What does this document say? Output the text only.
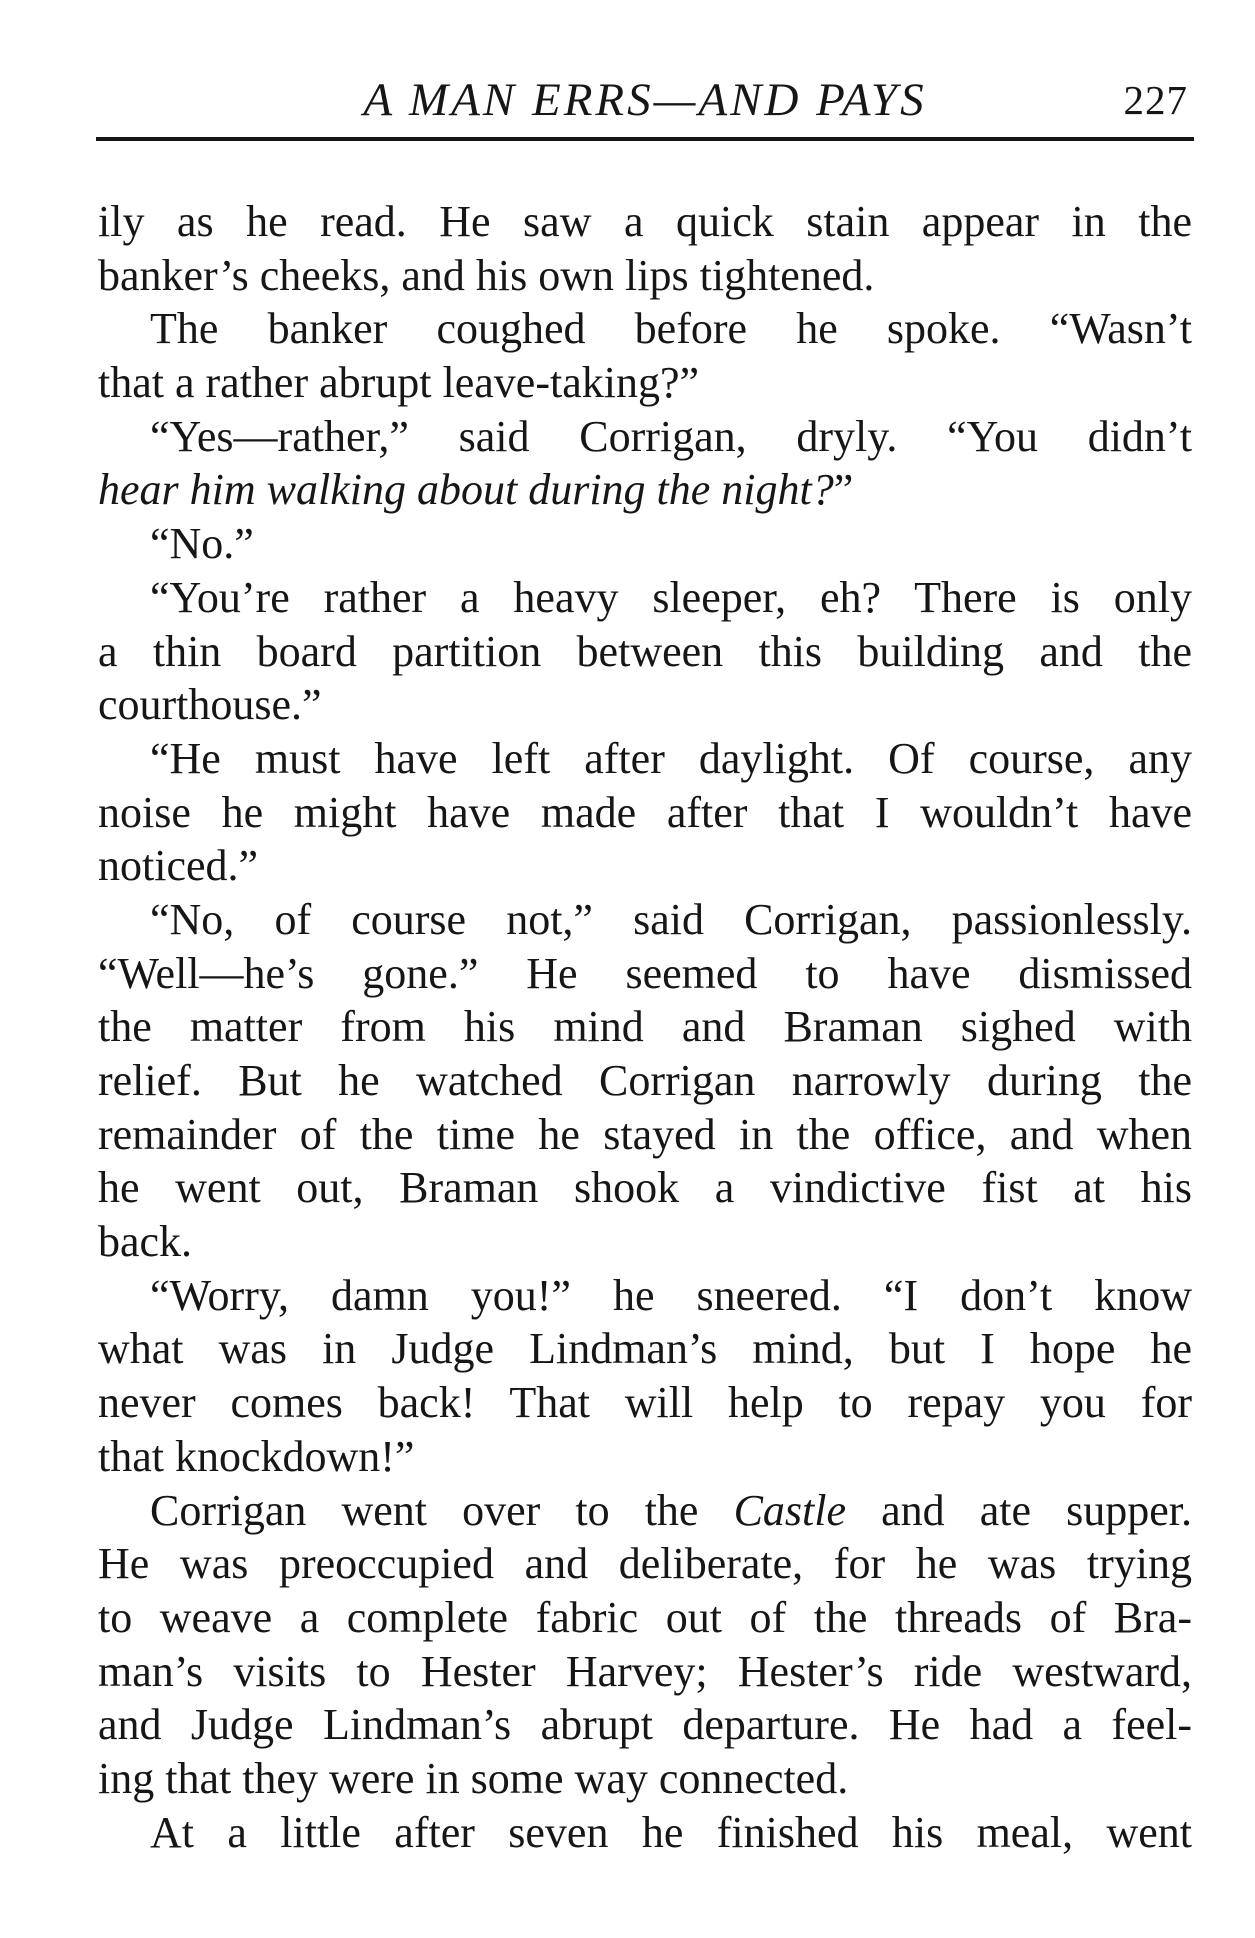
A MAN ERRS—AND PAYS	227
ily as he read. He saw a quick stain appear in the
banker’s cheeks, and his own lips tightened.
The banker coughed before he spoke. “Wasn’t
that a rather abrupt leave-taking?”
“Yes—rather,” said Corrigan, dryly. “You didn’t
hear him walking about during the night?”
“No.”
“You’re rather a heavy sleeper, eh? There is only
a thin board partition between this building and the
courthouse.”
“He must have left after daylight. Of course, any
noise he might have made after that I wouldn’t have
noticed.”
“No, of course not,” said Corrigan, passionlessly.
“Well—he’s gone.” He seemed to have dismissed
the matter from his mind and Braman sighed with
relief. But he watched Corrigan narrowly during the
remainder of the time he stayed in the office, and when
he went out, Braman shook a vindictive fist at his
back.
“Worry, damn you!” he sneered. “I don’t know
what was in Judge Lindman’s mind, but I hope he
never comes back! That will help to repay you for
that knockdown!”
Corrigan went over to the Castle and ate supper.
He was preoccupied and deliberate, for he was trying
to weave a complete fabric out of the threads of Bra-
man’s visits to Hester Harvey; Hester’s ride westward,
and Judge Lindman’s abrupt departure. He had a feel-
ing that they were in some way connected.
At a little after seven he finished his meal, went
